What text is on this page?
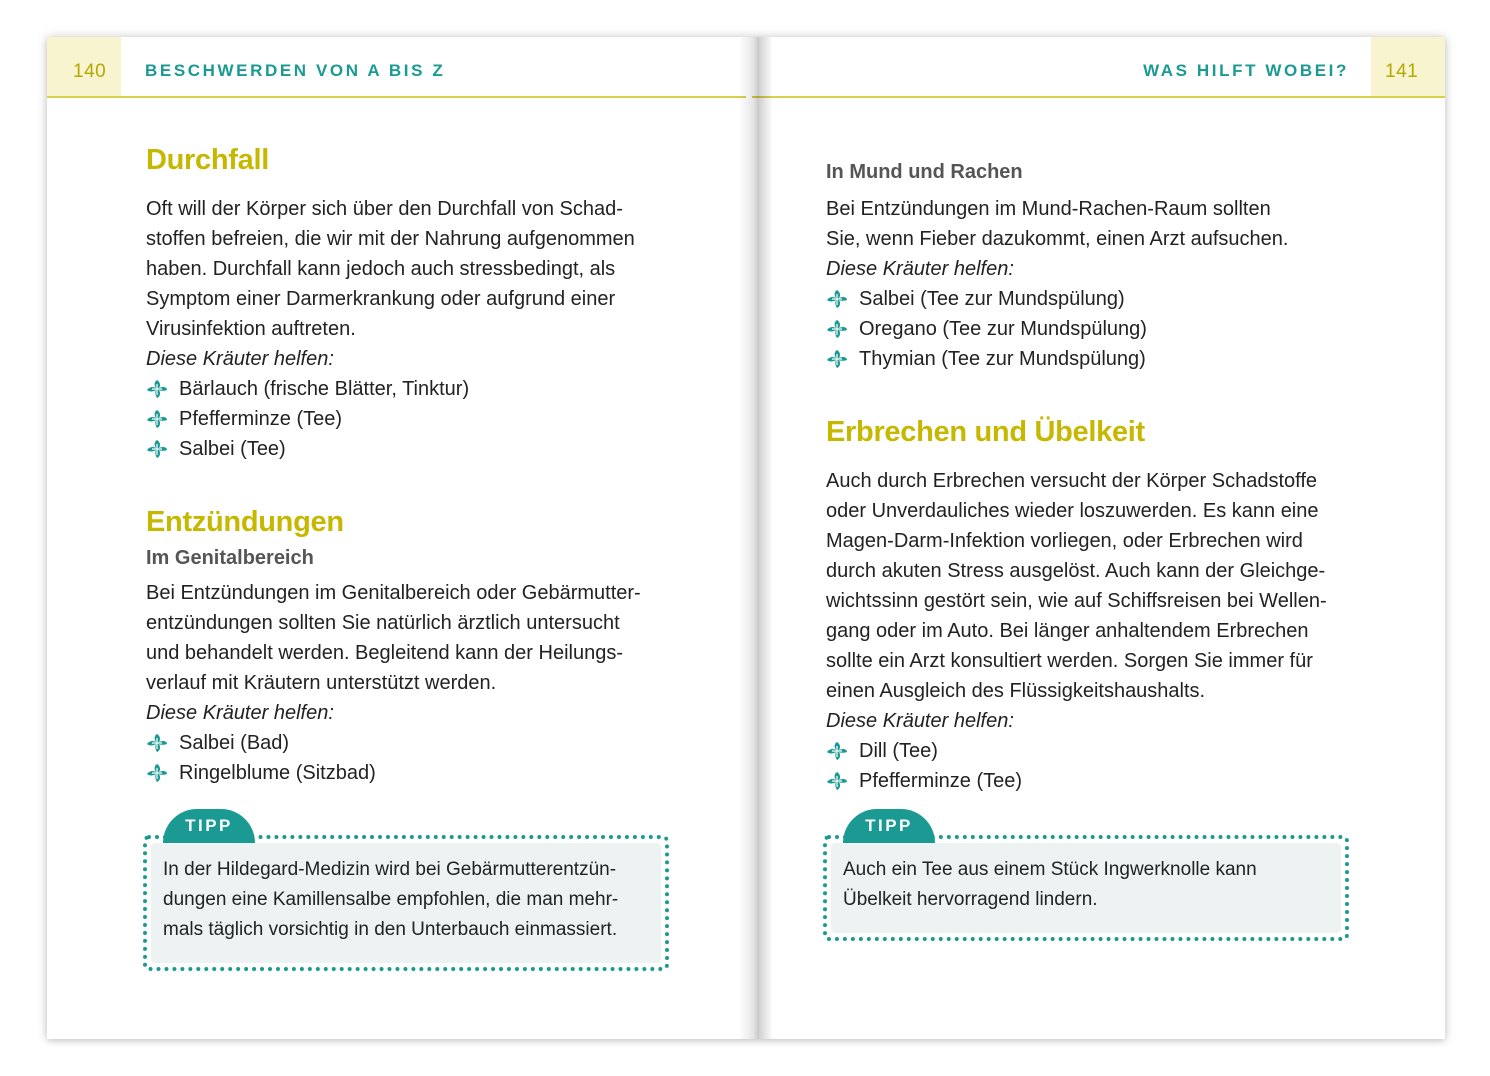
140 BESCHWERDEN VON A BIS Z	141
WAS HILFT WOBEI?
Durchfall

Oft will der Körper sich über den Durchfall von Schad-

stoffen befreien, die wir mit der Nahrung aufgenommen

haben. Durchfall kann jedoch auch stressbedingt, als

Symptom einer Darmerkrankung oder aufgrund einer

Virusinfektion auftreten.

Diese Kräuter helfen:

Bärlauch (frische Blätter, Tinktur)
Pfefferminze (Tee)
Salbei (Tee)
Entzündungen
Im Genitalbereich

Bei Entzündungen im Genitalbereich oder Gebärmutter-

entzündungen sollten Sie natürlich ärztlich untersucht

und behandelt werden. Begleitend kann der Heilungs-

verlauf mit Kräutern unterstützt werden.

Diese Kräuter helfen:

Salbei (Bad)
Ringelblume (Sitzbad)
TIPP
In der Hildegard-Medizin wird bei Gebärmutterentzün-
dungen eine Kamillensalbe empfohlen, die man mehr-
mals täglich vorsichtig in den Unterbauch einmassiert.
In Mund und Rachen

Bei Entzündungen im Mund-Rachen-Raum sollten

Sie, wenn Fieber dazukommt, einen Arzt aufsuchen.

Diese Kräuter helfen:

Salbei (Tee zur Mundspülung)
Oregano (Tee zur Mundspülung)
Thymian (Tee zur Mundspülung)
Erbrechen und Übelkeit

Auch durch Erbrechen versucht der Körper Schadstoffe

oder Unverdauliches wieder loszuwerden. Es kann eine

Magen-Darm-Infektion vorliegen, oder Erbrechen wird

durch akuten Stress ausgelöst. Auch kann der Gleichge-

wichtssinn gestört sein, wie auf Schiffsreisen bei Wellen-

gang oder im Auto. Bei länger anhaltendem Erbrechen

sollte ein Arzt konsultiert werden. Sorgen Sie immer für

einen Ausgleich des Flüssigkeitshaushalts.

Diese Kräuter helfen:

Dill (Tee)
Pfefferminze (Tee)
TIPP
Auch ein Tee aus einem Stück Ingwerknolle kann
Übelkeit hervorragend lindern.
